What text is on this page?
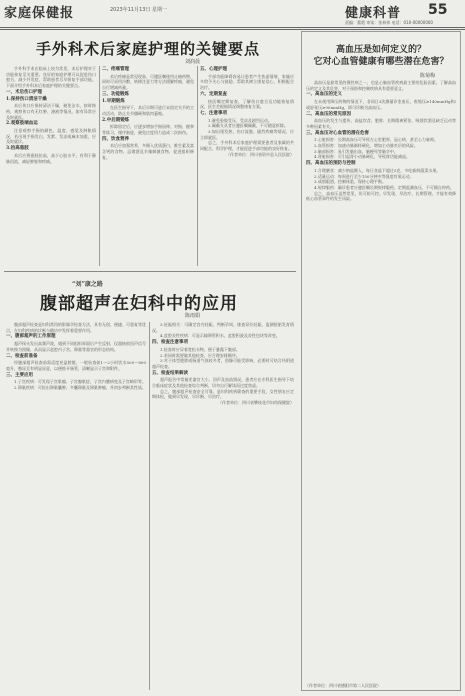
家庭保健报	2023年11月13日 星期一	健康科普 55
责编：董霞 审读：张林伟 电话：010-00000000
手外科术后家庭护理的关键要点
刘润晨

手外科手术在临床上较为常见，术后护理对于功能恢复至关重要。良好的家庭护理可以促进伤口愈合，减少并发症，帮助患者尽早恢复手部功能。下面介绍手外科术后家庭护理的关键要点。

一、术后伤口护理
1.保持伤口清洁干燥

术后伤口应保持清洁干燥，避免沾水，按时换药，观察伤口有无红肿、渗液等情况，如有异常应及时就医。

2.观察肢端血运

注意观察手指的颜色、温度、感觉及肿胀情况，若出现手指发白、发紫、发凉或麻木加重，应及时就诊。

3.抬高患肢

术后应将患肢抬高，高于心脏水平，有利于静脉回流，减轻肿胀和疼痛。

二、疼痛管理

术后疼痛是常见现象，可遵医嘱使用止痛药物，同时可采用冷敷、转移注意力等方法缓解疼痛，避免自行增减药量。

三、功能锻炼
1.早期锻炼

在医生指导下，术后早期可进行未固定关节的主动活动，防止关节僵硬和肌肉萎缩。

2.中后期锻炼

拆除固定后，应逐步增加手指屈伸、对指、握拳等练习，循序渐进，避免过度用力造成二次损伤。

四、饮食营养

术后应加强营养，多摄入优质蛋白、维生素及富含钙的食物，忌烟酒及辛辣刺激食物，促进组织修复。

五、心理护理

手部功能障碍容易让患者产生焦虑情绪，家属应多给予关心与鼓励，帮助其树立康复信心，积极配合治疗。

六、定期复查

按医嘱定期复查，了解伤口愈合及功能恢复情况，医生会根据情况调整康复方案。

七、注意事项

1.避免患肢受压、受凉及剧烈运动。

2.佩戴支具者应遵医嘱佩戴，不可随意拆除。

3.如出现发热、伤口流脓、剧烈疼痛等情况，应立即就医。

总之，手外科术后家庭护理需要患者及家属的共同配合，科学护理，才能促进手部功能的良好恢复。

（作者单位：四川省资中县人民医院）

“刘”康之路
腹部超声在妇科中的应用
陈雨娟

腹部超声检查是妇科常用的影像学检查方法，具有无创、便捷、可重复等优点，在妇科疾病的诊断与随访中发挥着重要作用。

一、腹部超声的工作原理

超声探头发出高频声波，遇到不同组织界面后产生反射，仪器接收回声信号并转换为图像，从而显示盆腔内子宫、卵巢等器官的形态结构。

二、检查前准备

经腹部超声检查前需适度充盈膀胱，一般检查前1～2小时饮水500～800毫升，憋尿至有明显尿意，以便推开肠管，清晰显示子宫和附件。

三、主要应用

1.子宫疾病：可发现子宫肌瘤、子宫腺肌症、子宫内膜病变及子宫畸形等。

2.卵巢疾病：可检出卵巢囊肿、多囊卵巢及卵巢肿瘤，并初步判断其性质。

3.妊娠相关：可确定宫内妊娠、判断孕周、排查异位妊娠，监测胚胎发育情况。

4.盆腔炎性疾病：可显示输卵管积水、盆腔积液及炎性包块等改变。

四、检查注意事项

1.检查时应穿着宽松衣物，便于暴露下腹部。

2.若同时需要做其他检查，应合理安排顺序。

3.对于体型肥胖或肠道气体较多者，图像可能受影响，必要时可结合经阴道超声检查。

五、检查结果解读

超声报告中常描述器官大小、回声及血流情况，患者应在专科医生指导下结合临床症状及其他检查综合判断，切勿自行解读而过度焦虑。

总之，腹部超声检查安全可靠，是妇科疾病筛查的重要手段，女性朋友应定期体检，做到早发现、早诊断、早治疗。

（作者单位：四川省攀枝花市妇幼保健院）

高血压是如何定义的？
它对心血管健康有哪些潜在危害？
陈菊梅

高血压是最常见的慢性病之一，也是心脑血管疾病最主要的危险因素。了解高血压的定义及其危害，对于预防和控制疾病具有重要意义。

一、高血压的定义

在未使用降压药物的情况下，非同日3次测量诊室血压，收缩压≥140mmHg和/或舒张压≥90mmHg，即可诊断为高血压。

二、高血压的常见原因

高血压的发生与遗传、高盐饮食、肥胖、长期精神紧张、吸烟饮酒及缺乏运动等多种因素有关。

三、高血压对心血管的潜在危害

1.心脏损害：长期高血压可导致左心室肥厚、冠心病，甚至心力衰竭。

2.血管损害：加速动脉粥样硬化，增加主动脉夹层的风险。

3.脑部损害：易引发脑出血、脑梗死等脑卒中。

4.肾脏损害：可引起肾小动脉硬化，导致肾功能减退。

四、高血压的预防与控制

1.合理膳食：减少钠盐摄入，每日食盐不超过5克，多吃新鲜蔬菜水果。

2.适量运动：每周进行至少150分钟中等强度有氧运动。

3.戒烟限酒，控制体重，保持心理平衡。

4.规律服药：确诊患者应遵医嘱长期规律服药，定期监测血压，不可擅自停药。

总之，高血压虽然常见，但可防可控。早发现、早治疗、长期管理，才能有效降低心血管事件的发生风险。

（作者单位：四川省德阳市第二人民医院）
